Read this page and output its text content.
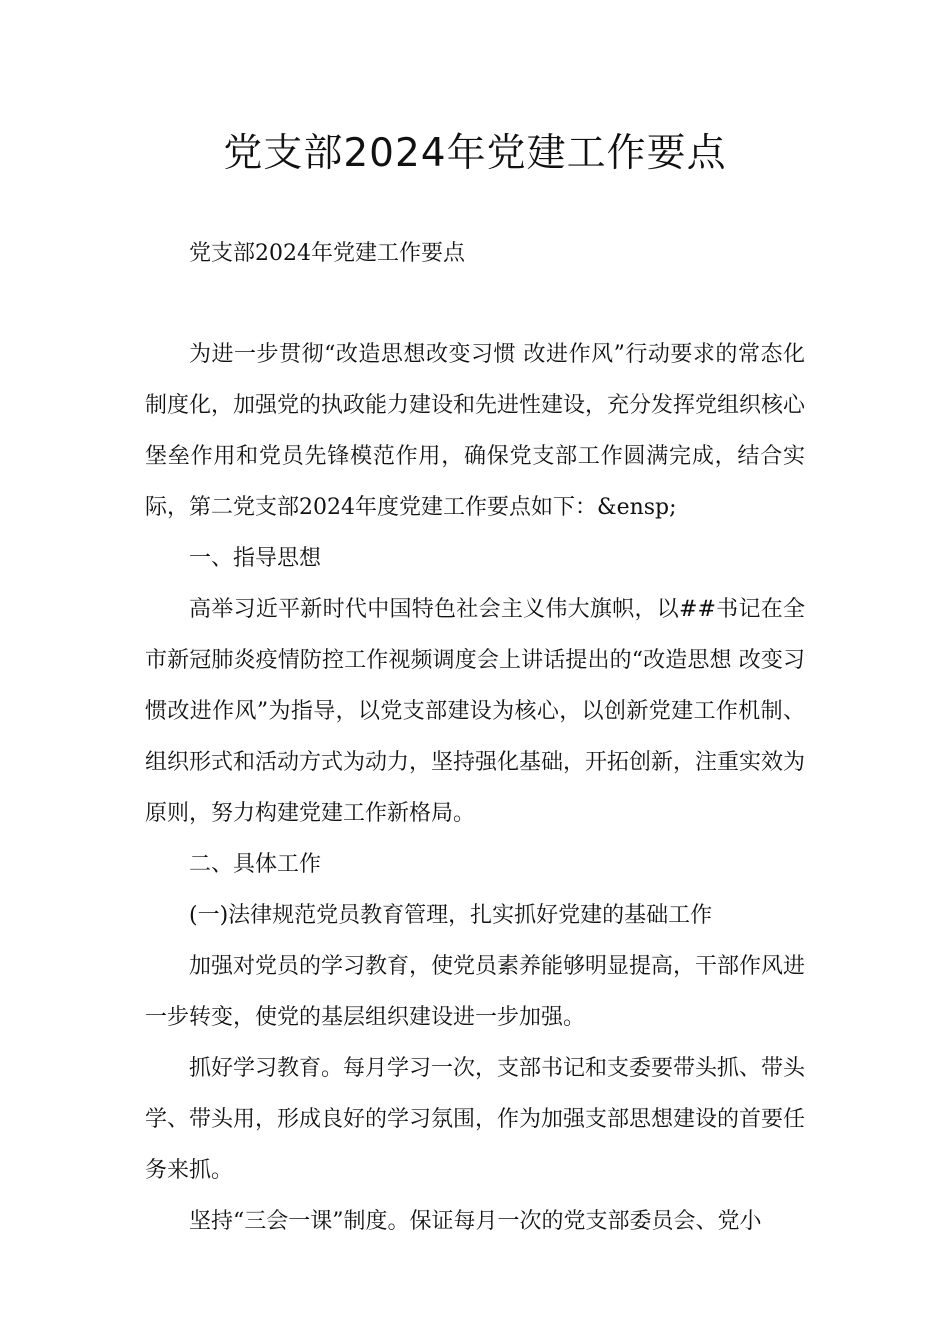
党支部2024年党建工作要点

党支部2024年党建工作要点

为进一步贯彻“改造思想改变习惯 改进作风”行动要求的常态化制度化，加强党的执政能力建设和先进性建设，充分发挥党组织核心堡垒作用和党员先锋模范作用，确保党支部工作圆满完成，结合实际，第二党支部2024年度党建工作要点如下：&ensp;

一、指导思想

高举习近平新时代中国特色社会主义伟大旗帜，以##书记在全市新冠肺炎疫情防控工作视频调度会上讲话提出的“改造思想 改变习惯改进作风”为指导，以党支部建设为核心，以创新党建工作机制、组织形式和活动方式为动力，坚持强化基础，开拓创新，注重实效为原则，努力构建党建工作新格局。

二、具体工作

(一)法律规范党员教育管理，扎实抓好党建的基础工作

加强对党员的学习教育，使党员素养能够明显提高，干部作风进一步转变，使党的基层组织建设进一步加强。

抓好学习教育。每月学习一次，支部书记和支委要带头抓、带头学、带头用，形成良好的学习氛围，作为加强支部思想建设的首要任务来抓。

坚持“三会一课”制度。保证每月一次的党支部委员会、党小
